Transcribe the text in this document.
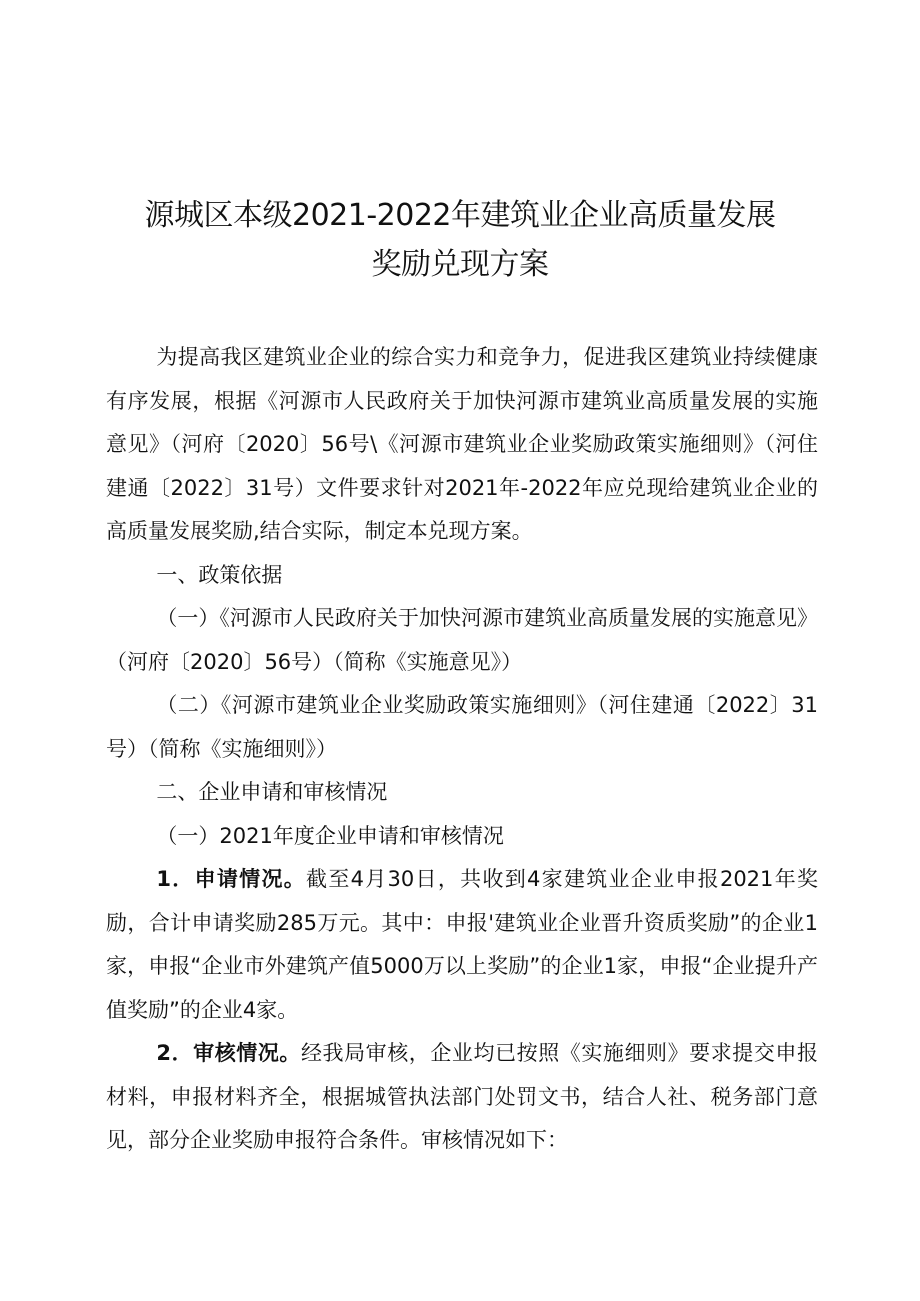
源城区本级2021-2022年建筑业企业高质量发展
奖励兑现方案

为提高我区建筑业企业的综合实力和竞争力，促进我区建筑业持续健康有序发展，根据《河源市人民政府关于加快河源市建筑业高质量发展的实施意见》（河府〔2020〕56号\《河源市建筑业企业奖励政策实施细则》（河住建通〔2022〕31号）文件要求针对2021年-2022年应兑现给建筑业企业的高质量发展奖励,结合实际，制定本兑现方案。

一、政策依据

（一）《河源市人民政府关于加快河源市建筑业高质量发展的实施意见》（河府〔2020〕56号）（简称《实施意见》）

（二）《河源市建筑业企业奖励政策实施细则》（河住建通〔2022〕31号）（简称《实施细则》）

二、企业申请和审核情况

（一）2021年度企业申请和审核情况

1．申请情况。截至4月30日，共收到4家建筑业企业申报2021年奖励，合计申请奖励285万元。其中：申报'建筑业企业晋升资质奖励”的企业1家，申报“企业市外建筑产值5000万以上奖励”的企业1家，申报“企业提升产值奖励”的企业4家。

2．审核情况。经我局审核，企业均已按照《实施细则》要求提交申报材料，申报材料齐全，根据城管执法部门处罚文书，结合人社、税务部门意见，部分企业奖励申报符合条件。审核情况如下：
